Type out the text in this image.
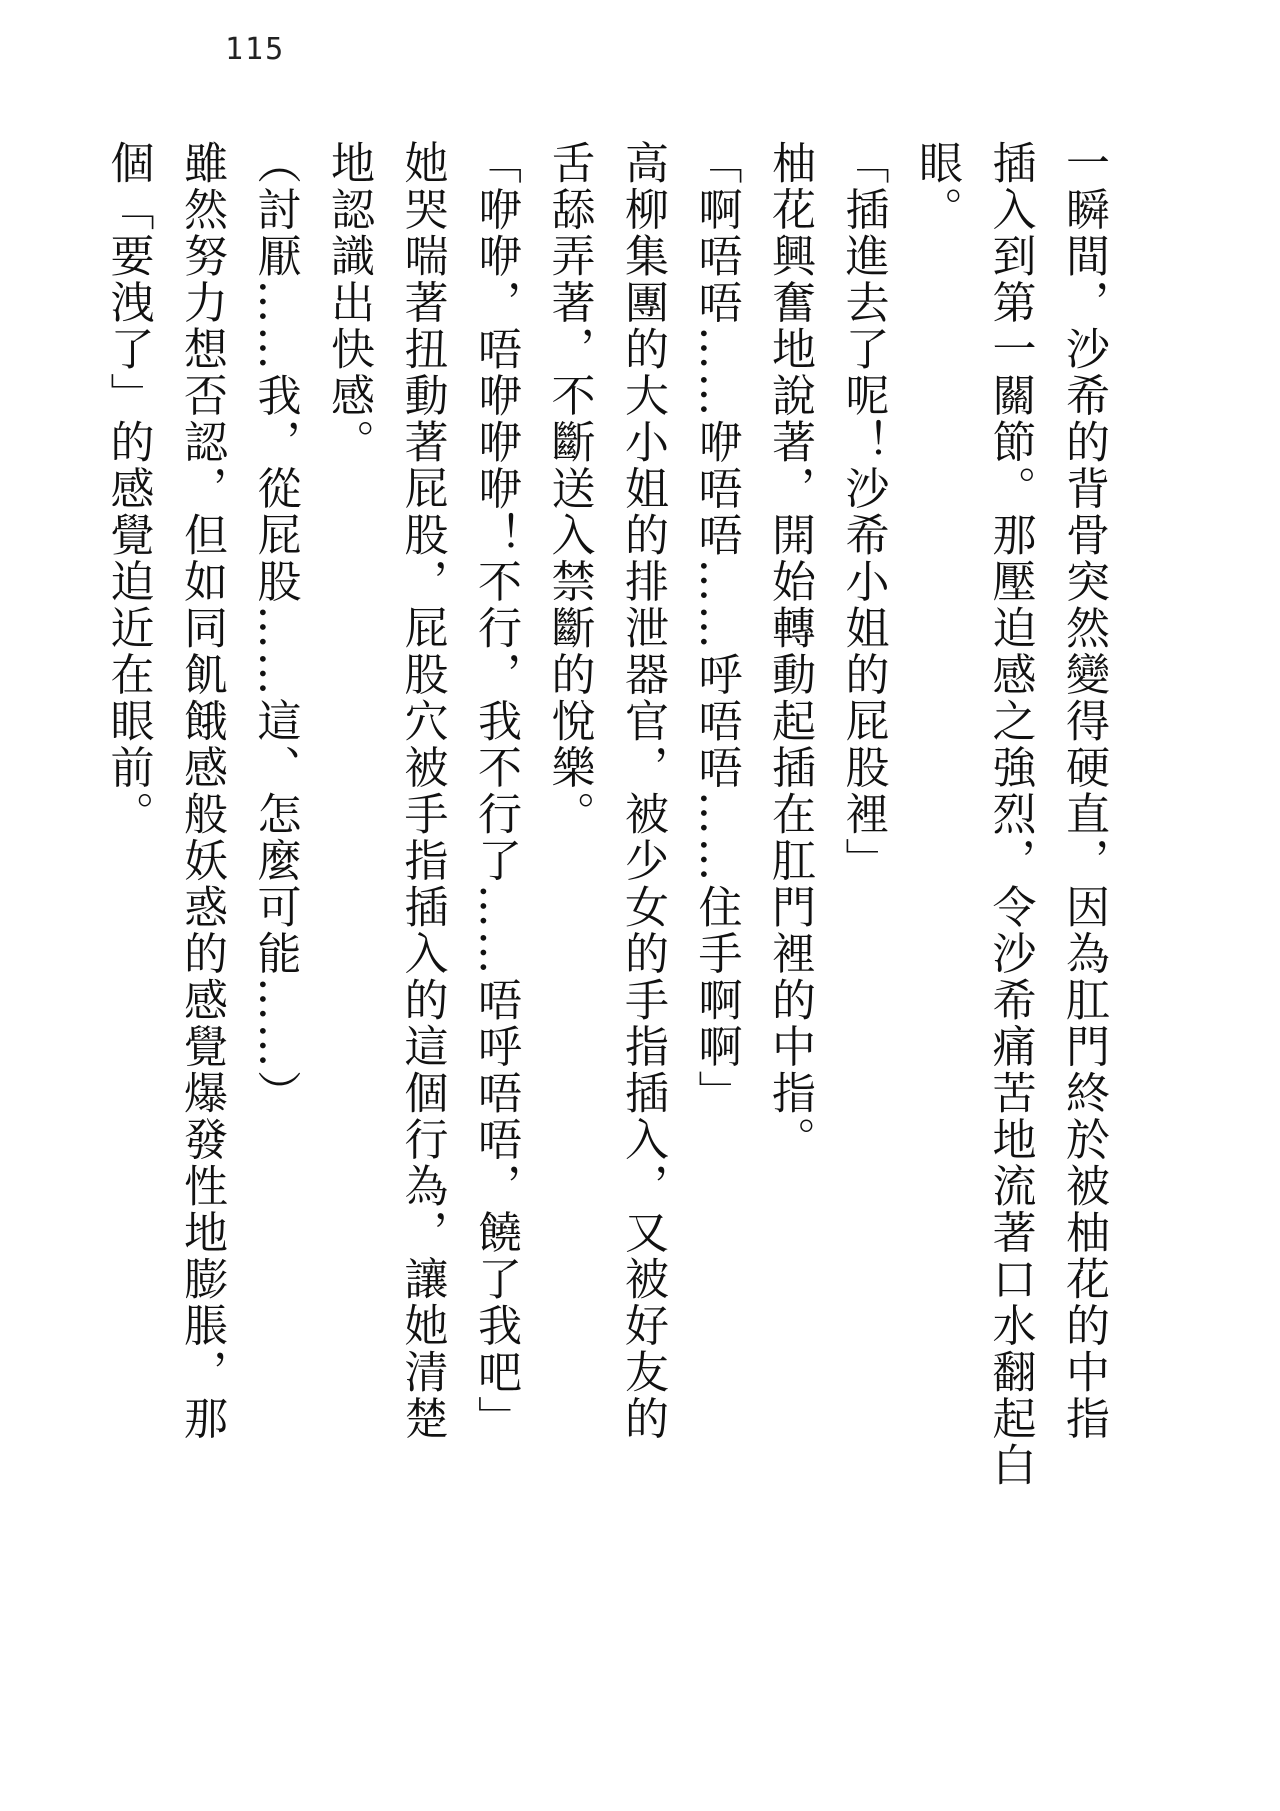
115

一瞬間，沙希的背骨突然變得硬直，因為肛門終於被柚花的中指

插入到第一關節。那壓迫感之強烈，令沙希痛苦地流著口水翻起白

眼。

「插進去了呢！沙希小姐的屁股裡」

柚花興奮地說著，開始轉動起插在肛門裡的中指。

「啊唔唔……咿唔唔……呼唔唔……住手啊啊」

高柳集團的大小姐的排泄器官，被少女的手指插入，又被好友的

舌舔弄著，不斷送入禁斷的悅樂。

「咿咿，唔咿咿咿！不行，我不行了……唔呼唔唔，饒了我吧」

她哭喘著扭動著屁股，屁股穴被手指插入的這個行為，讓她清楚

地認識出快感。

（討厭……我，從屁股……這、怎麼可能……）

雖然努力想否認，但如同飢餓感般妖惑的感覺爆發性地膨脹，那

個「要洩了」的感覺迫近在眼前。
